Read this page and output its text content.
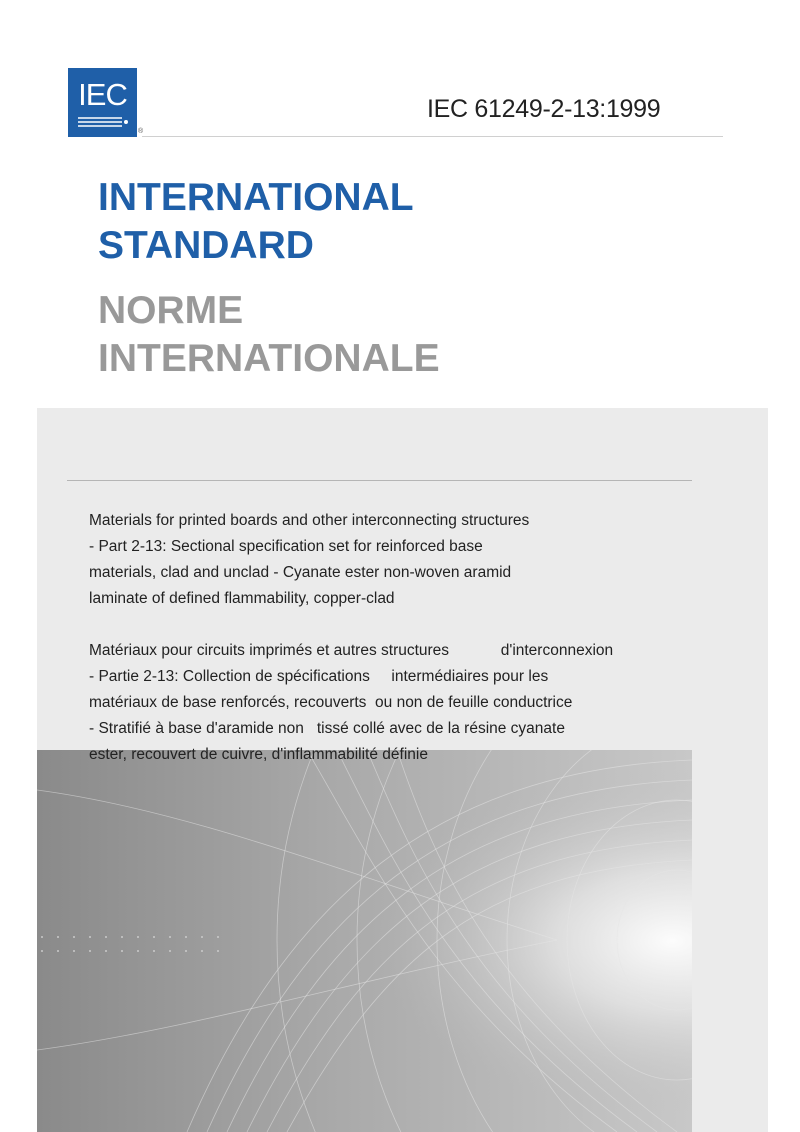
IEC
®
IEC 61249-2-13:1999
INTERNATIONAL
STANDARD
NORME
INTERNATIONALE
Materials for printed boards and other interconnecting structures
- Part 2-13: Sectional specification set for reinforced base
materials, clad and unclad - Cyanate ester non-woven aramid
laminate of defined flammability, copper-clad
Matériaux pour circuits imprimés et autres structures            d'interconnexion
- Partie 2-13: Collection de spécifications     intermédiaires pour les
matériaux de base renforcés, recouverts  ou non de feuille conductrice
- Stratifié à base d'aramide non   tissé collé avec de la résine cyanate
ester, recouvert de cuivre, d'inflammabilité définie
